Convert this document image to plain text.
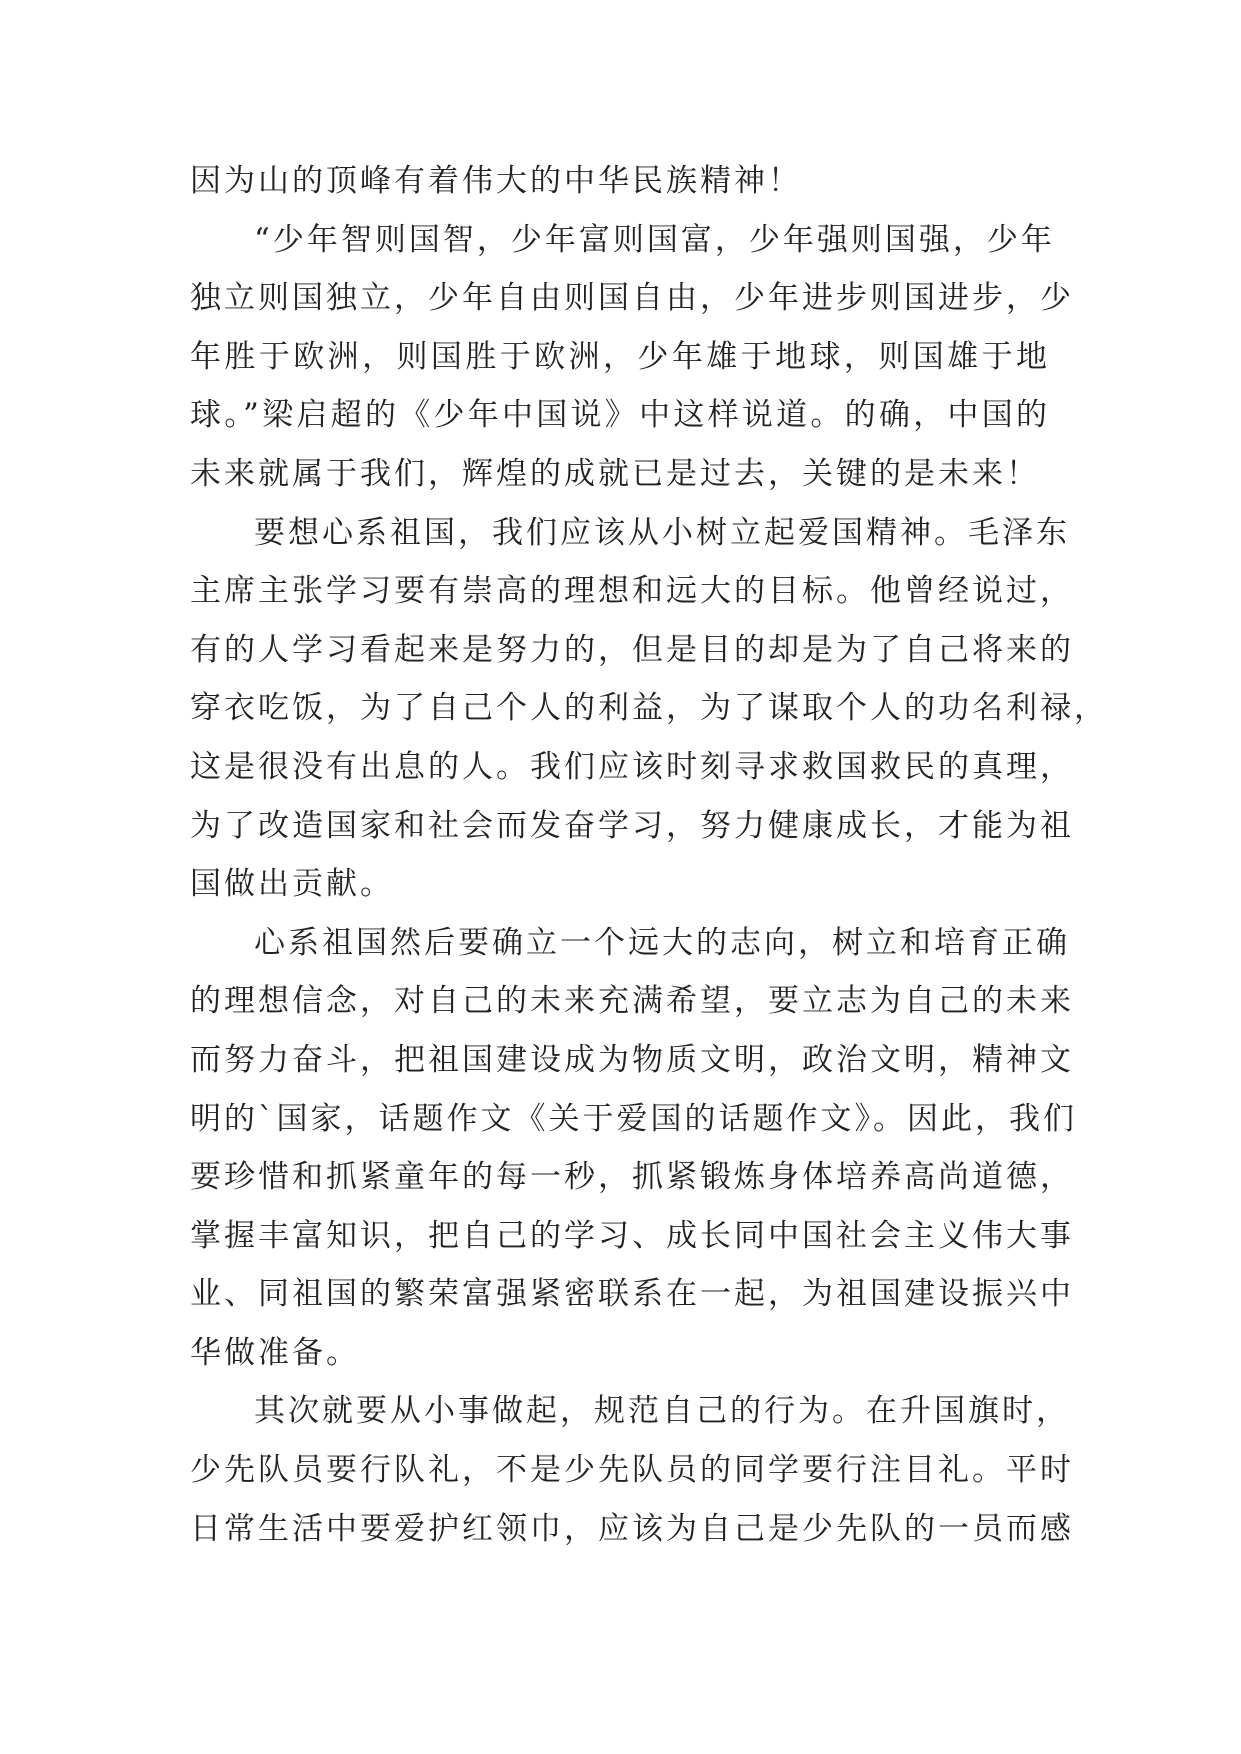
因为山的顶峰有着伟大的中华民族精神！
“少年智则国智，少年富则国富，少年强则国强，少年
独立则国独立，少年自由则国自由，少年进步则国进步，少
年胜于欧洲，则国胜于欧洲，少年雄于地球，则国雄于地
球。”梁启超的《少年中国说》中这样说道。的确，中国的
未来就属于我们，辉煌的成就已是过去，关键的是未来！
要想心系祖国，我们应该从小树立起爱国精神。毛泽东
主席主张学习要有崇高的理想和远大的目标。他曾经说过，
有的人学习看起来是努力的，但是目的却是为了自己将来的
穿衣吃饭，为了自己个人的利益，为了谋取个人的功名利禄，
这是很没有出息的人。我们应该时刻寻求救国救民的真理，
为了改造国家和社会而发奋学习，努力健康成长，才能为祖
国做出贡献。
心系祖国然后要确立一个远大的志向，树立和培育正确
的理想信念，对自己的未来充满希望，要立志为自己的未来
而努力奋斗，把祖国建设成为物质文明，政治文明，精神文
明的`国家，话题作文《关于爱国的话题作文》。因此，我们
要珍惜和抓紧童年的每一秒，抓紧锻炼身体培养高尚道德，
掌握丰富知识，把自己的学习、成长同中国社会主义伟大事
业、同祖国的繁荣富强紧密联系在一起，为祖国建设振兴中
华做准备。
其次就要从小事做起，规范自己的行为。在升国旗时，
少先队员要行队礼，不是少先队员的同学要行注目礼。平时
日常生活中要爱护红领巾，应该为自己是少先队的一员而感
